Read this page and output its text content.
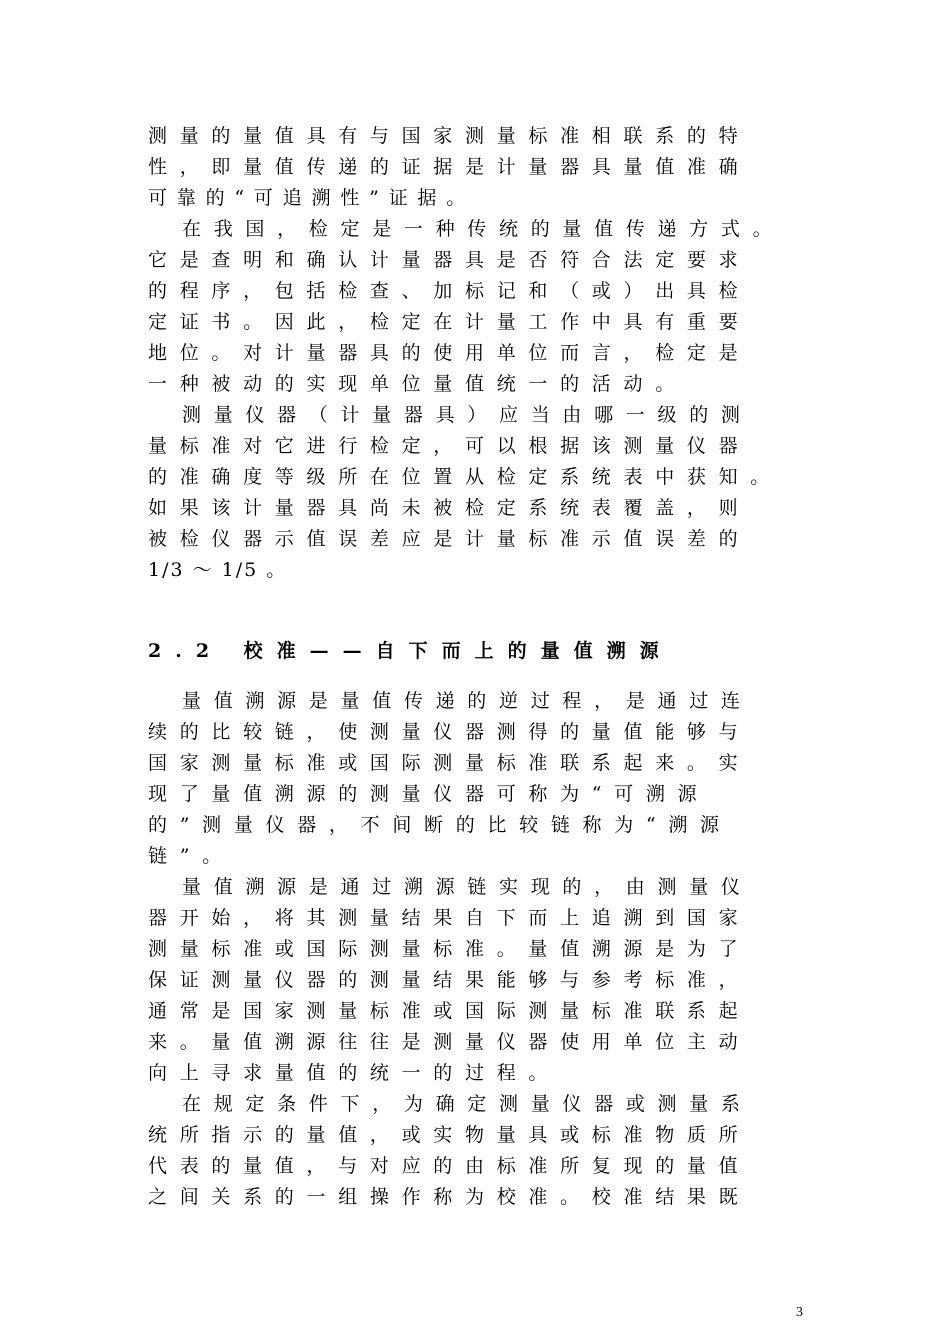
测量的量值具有与国家测量标准相联系的特
性，即量值传递的证据是计量器具量值准确
可靠的“可追溯性”证据。
在我国，检定是一种传统的量值传递方式。
它是查明和确认计量器具是否符合法定要求
的程序，包括检查、加标记和（或）出具检
定证书。因此，检定在计量工作中具有重要
地位。对计量器具的使用单位而言，检定是
一种被动的实现单位量值统一的活动。
测量仪器（计量器具）应当由哪一级的测
量标准对它进行检定，可以根据该测量仪器
的准确度等级所在位置从检定系统表中获知。
如果该计量器具尚未被检定系统表覆盖，则
被检仪器示值误差应是计量标准示值误差的
1/3 ～ 1/5 。
2.2 校准——自下而上的量值溯源
量值溯源是量值传递的逆过程，是通过连
续的比较链，使测量仪器测得的量值能够与
国家测量标准或国际测量标准联系起来。实
现了量值溯源的测量仪器可称为“可溯源
的”测量仪器，不间断的比较链称为“溯源
链”。
量值溯源是通过溯源链实现的，由测量仪
器开始，将其测量结果自下而上追溯到国家
测量标准或国际测量标准。量值溯源是为了
保证测量仪器的测量结果能够与参考标准，
通常是国家测量标准或国际测量标准联系起
来。量值溯源往往是测量仪器使用单位主动
向上寻求量值的统一的过程。
在规定条件下，为确定测量仪器或测量系
统所指示的量值，或实物量具或标准物质所
代表的量值，与对应的由标准所复现的量值
之间关系的一组操作称为校准。校准结果既
3
